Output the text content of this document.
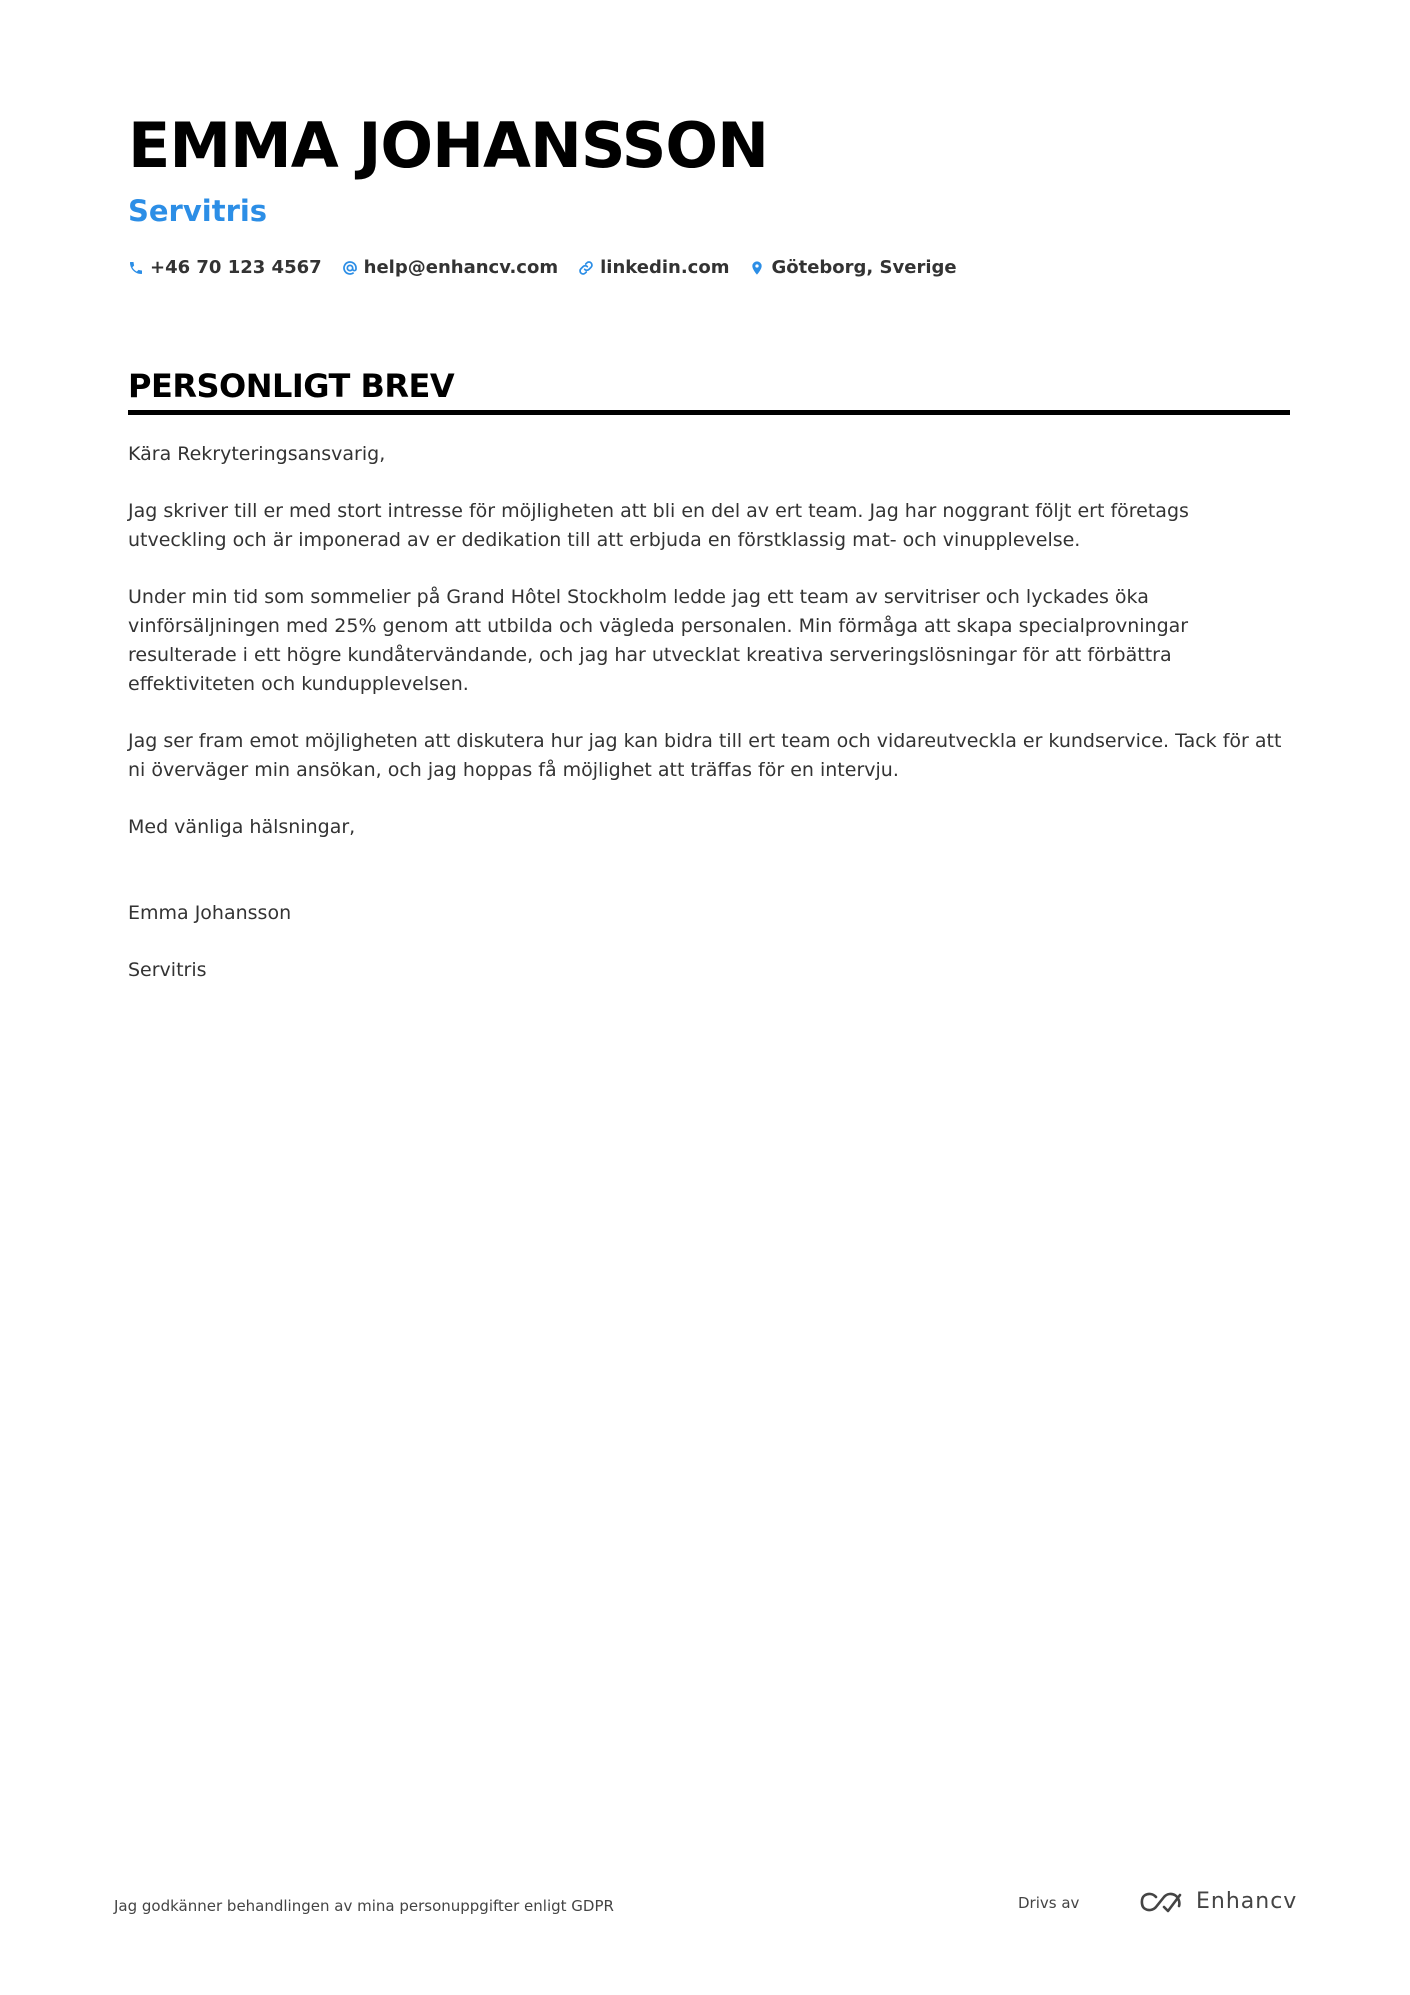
EMMA JOHANSSON
Servitris
+46 70 123 4567 help@enhancv.com linkedin.com Göteborg, Sverige
PERSONLIGT BREV

Kära Rekryteringsansvarig,

Jag skriver till er med stort intresse för möjligheten att bli en del av ert team. Jag har noggrant följt ert företags utveckling och är imponerad av er dedikation till att erbjuda en förstklassig mat- och vinupplevelse.

Under min tid som sommelier på Grand Hôtel Stockholm ledde jag ett team av servitriser och lyckades öka vinförsäljningen med 25% genom att utbilda och vägleda personalen. Min förmåga att skapa specialprovningar resulterade i ett högre kundåtervändande, och jag har utvecklat kreativa serveringslösningar för att förbättra effektiviteten och kundupplevelsen.

Jag ser fram emot möjligheten att diskutera hur jag kan bidra till ert team och vidareutveckla er kundservice. Tack för att ni överväger min ansökan, och jag hoppas få möjlighet att träffas för en intervju.

Med vänliga hälsningar,

Emma Johansson

Servitris

Jag godkänner behandlingen av mina personuppgifter enligt GDPR	Drivs av	Enhancv
